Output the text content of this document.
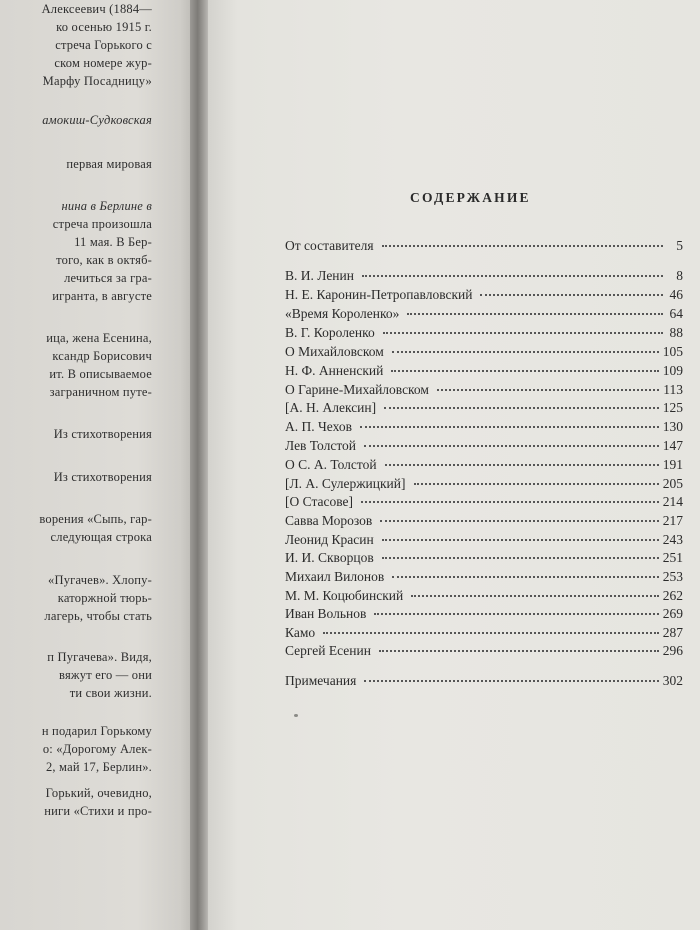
Алексеевич (1884—
ко осенью 1915 г.
стреча Горького с
ском номере жур-
Марфу Посадницу»
амокиш-Судковская
первая мировая
нина в Берлине в
стреча произошла
11 мая. В Бер-
того, как в октяб-
лечиться за гра-
игранта, в августе
ица, жена Есенина,
ксандр Борисович
ит. В описываемое
заграничном путе-
Из стихотворения
Из стихотворения
ворения «Сыпь, гар-
следующая строка
«Пугачев». Хлопу-
каторжной тюрь-
лагерь, чтобы стать
п Пугачева». Видя,
вяжут его — они
ти свои жизни.
н подарил Горькому
о: «Дорогому Алек-
2, май 17, Берлин».
Горький, очевидно,
ниги «Стихи и про-
СОДЕРЖАНИЕ
От составителя	5
В. И. Ленин	8
Н. Е. Каронин-Петропавловский	46
«Время Короленко»	64
В. Г. Короленко	88
О Михайловском	105
Н. Ф. Анненский	109
О Гарине-Михайловском	113
[А. Н. Алексин]	125
А. П. Чехов	130
Лев Толстой	147
О С. А. Толстой	191
[Л. А. Сулержицкий]	205
[О Стасове]	214
Савва Морозов	217
Леонид Красин	243
И. И. Скворцов	251
Михаил Вилонов	253
М. М. Коцюбинский	262
Иван Вольнов	269
Камо	287
Сергей Есенин	296
Примечания	302
